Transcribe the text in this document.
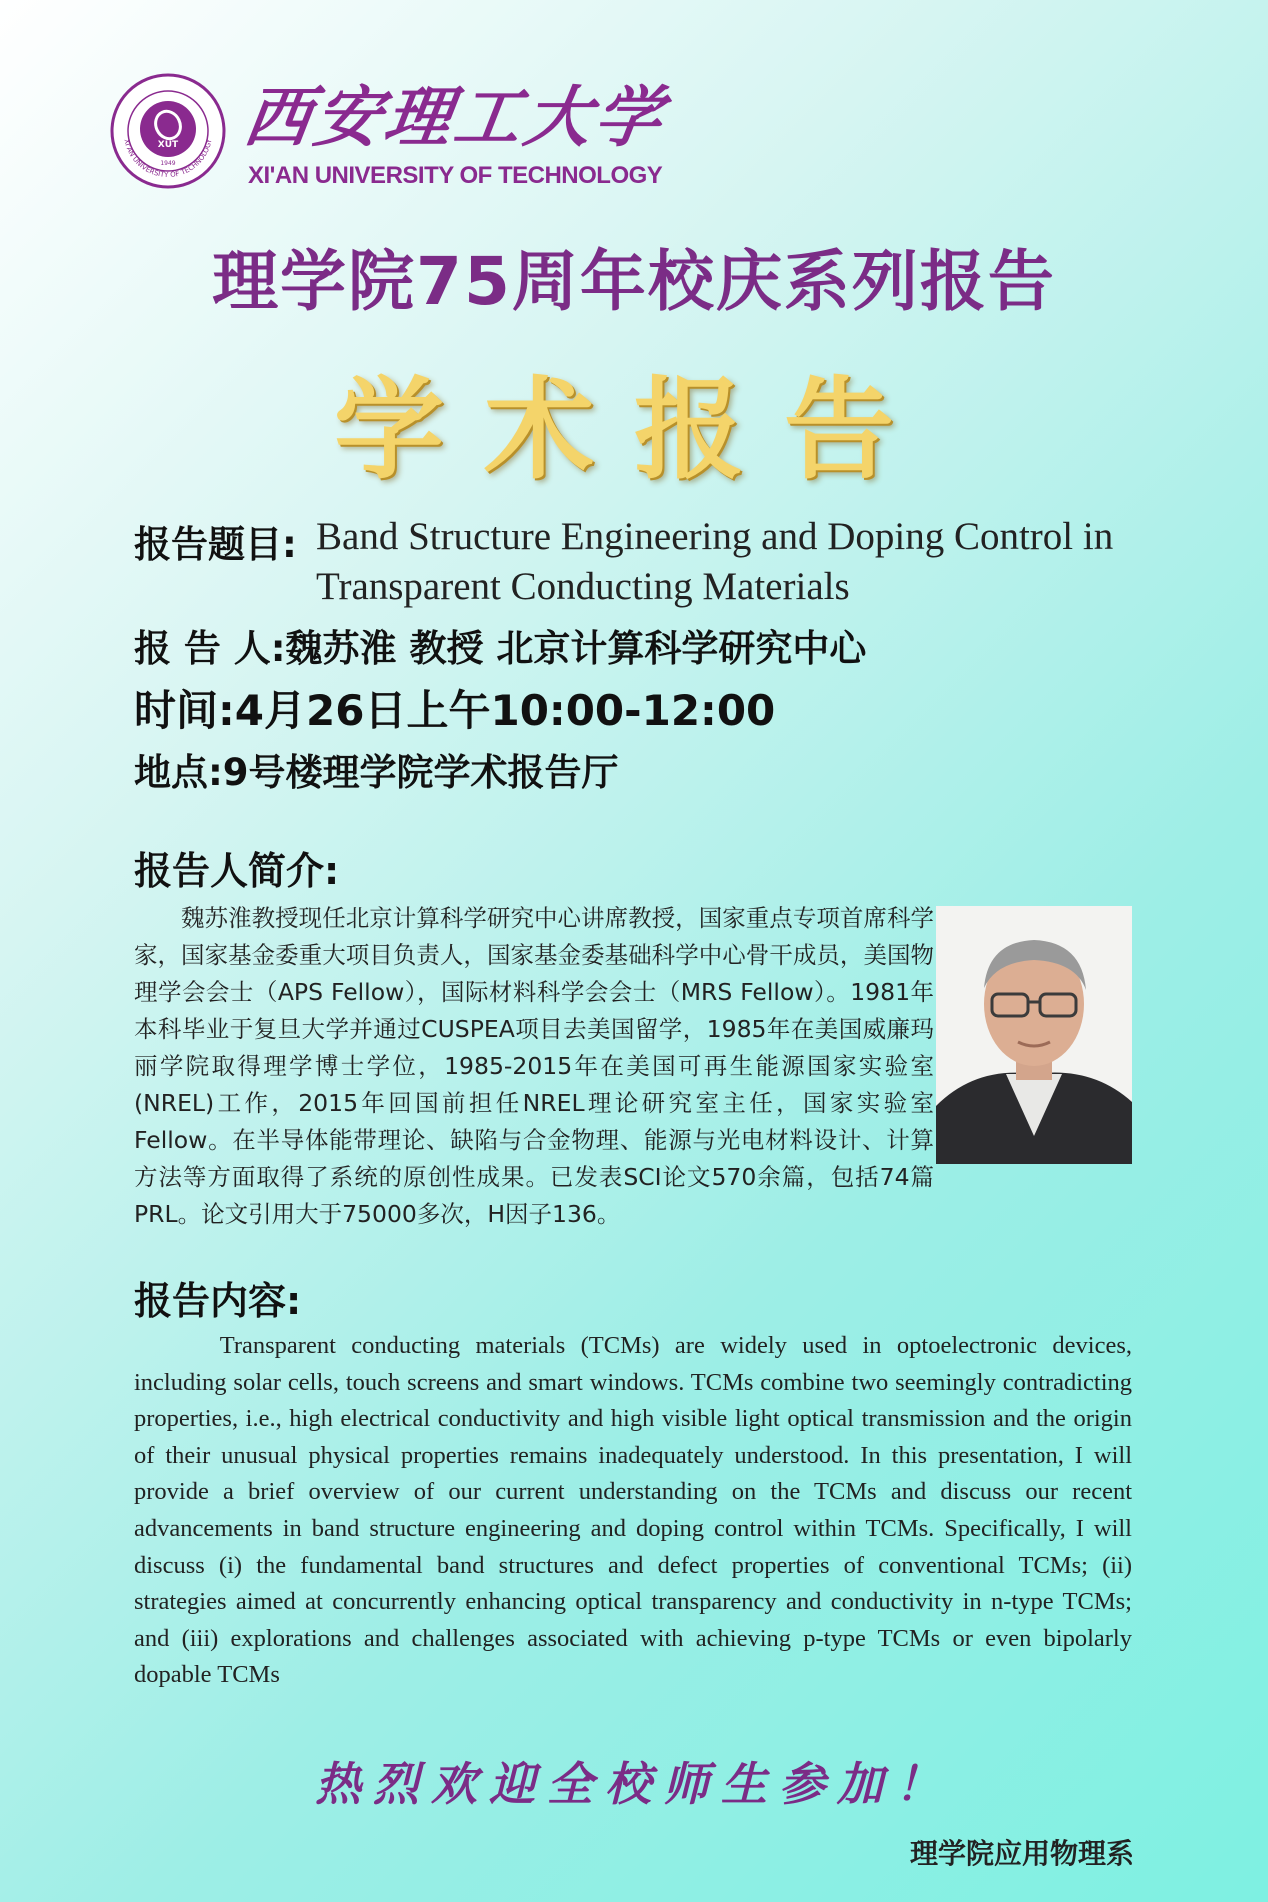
XUT
1949
XI'AN UNIVERSITY OF TECHNOLOGY 西安理工大学
XI'AN UNIVERSITY OF TECHNOLOGY
理学院75周年校庆系列报告
学术报告
报告题目: Band Structure Engineering and Doping Control in Transparent Conducting Materials
报 告 人:魏苏淮 教授 北京计算科学研究中心
时间:4月26日上午10:00-12:00
地点:9号楼理学院学术报告厅
报告人简介:
魏苏淮教授现任北京计算科学研究中心讲席教授，国家重点专项首席科学家，国家基金委重大项目负责人，国家基金委基础科学中心骨干成员，美国物理学会会士（APS Fellow），国际材料科学会会士（MRS Fellow）。1981年本科毕业于复旦大学并通过CUSPEA项目去美国留学，1985年在美国威廉玛丽学院取得理学博士学位，1985-2015年在美国可再生能源国家实验室(NREL)工作，2015年回国前担任NREL理论研究室主任，国家实验室Fellow。在半导体能带理论、缺陷与合金物理、能源与光电材料设计、计算方法等方面取得了系统的原创性成果。已发表SCI论文570余篇，包括74篇PRL。论文引用大于75000多次，H因子136。
报告内容:
Transparent conducting materials (TCMs) are widely used in optoelectronic devices, including solar cells, touch screens and smart windows. TCMs combine two seemingly contradicting properties, i.e., high electrical conductivity and high visible light optical transmission and the origin of their unusual physical properties remains inadequately understood. In this presentation, I will provide a brief overview of our current understanding on the TCMs and discuss our recent advancements in band structure engineering and doping control within TCMs. Specifically, I will discuss (i) the fundamental band structures and defect properties of conventional TCMs; (ii) strategies aimed at concurrently enhancing optical transparency and conductivity in n-type TCMs; and (iii) explorations and challenges associated with achieving p-type TCMs or even bipolarly dopable TCMs
热烈欢迎全校师生参加！
理学院应用物理系
